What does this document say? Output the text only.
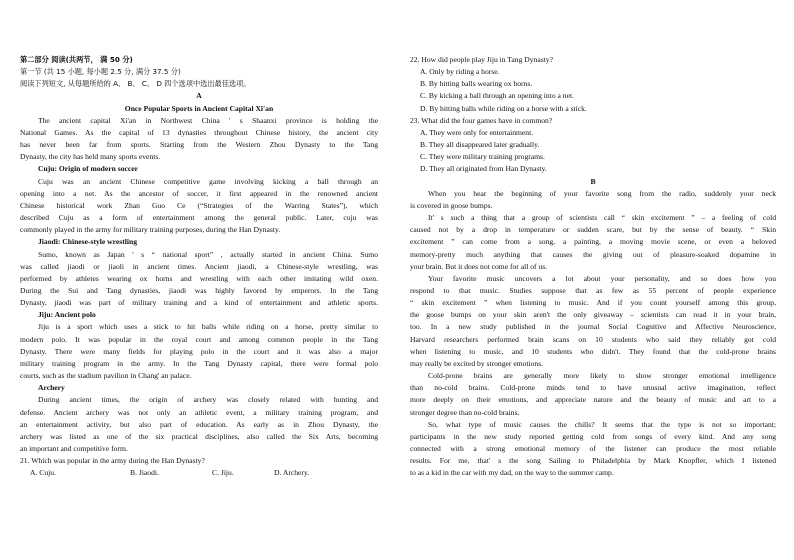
第二部分 阅读(共两节， 满 50 分)
第一节 (共 15 小题, 每小题 2.5 分, 满分 37.5 分)
阅读下列短文, 从每题所给的 A、 B、 C、 D 四个选项中选出最佳选项。
A
Once Popular Sports in Ancient Capital Xi'an
The ancient capital Xi'an in Northwest China ' s Shaanxi province is holding the
National Games. As the capital of 13 dynasties throughout Chinese history, the ancient city
has never been far from sports. Starting from the Western Zhou Dynasty to the Tang
Dynasty, the city has held many sports events.
Cuju: Origin of modern soccer
Cuju was an ancient Chinese competitive game involving kicking a ball through an
opening into a net. As the ancestor of soccer, it first appeared in the renowned ancient
Chinese historical work Zhan Guo Ce (“Strategies of the Warring States”), which
described Cuju as a form of entertainment among the general public. Later, cuju was
commonly played in the army for military training purposes, during the Han Dynasty.
Jiaodi: Chinese-style wrestling
Sumo, known as Japan ' s “ national sport” , actually started in ancient China. Sumo
was called jiaodi or jiaoli in ancient times. Ancient jiaodi, a Chinese-style wrestling, was
performed by athletes wearing ox horns and wrestling with each other imitating wild oxen.
During the Sui and Tang dynasties, jiaodi was highly favored by emperors. In the Tang
Dynasty, jiaodi was part of military training and a kind of entertainment and athletic sports.
Jiju: Ancient polo
Jiju is a sport which uses a stick to hit balls while riding on a horse, pretty similar to
modern polo. It was popular in the royal court and among common people in the Tang
Dynasty. There were many fields for playing polo in the court and it was also a major
military training program in the army. In the Tang Dynasty capital, there were formal polo
courts, such as the stadium pavilion in Chang' an palace.
Archery
During ancient times, the origin of archery was closely related with hunting and
defense. Ancient archery was not only an athletic event, a military training program, and
an entertainment activity, but also part of education. As early as in Zhou Dynasty, the
archery was listed as one of the six practical disciplines, also called the Six Arts, becoming
an important and competitive form.
21. Which was popular in the army during the Han Dynasty?
A. Cuju.	B. Jiaodi.	C. Jiju.	D. Archery.
22. How did people play Jiju in Tang Dynasty?
A. Only by riding a horse.
B. By hitting balls wearing ox horns.
C. By kicking a ball through an opening into a net.
D. By hitting balls while riding on a horse with a stick.
23. What did the four games have in common?
A. They were only for entertainment.
B. They all disappeared later gradually.
C. They were military training programs.
D. They all originated from Han Dynasty.
B
When you hear the beginning of your favorite song from the radio, suddenly your neck
is covered in goose bumps.
It' s such a thing that a group of scientists call “ skin excitement ” – a feeling of cold
caused not by a drop in temperature or sudden scare, but by the sense of beauty. “ Skin
excitement ” can come from a song, a painting, a moving movie scene, or even a beloved
memory-pretty much anything that causes the giving out of pleasure-soaked dopamine in
your brain. But it does not come for all of us.
Your favorite music uncovers a lot about your personality, and so does how you
respond to that music. Studies suppose that as few as 55 percent of people experience
“ skin excitement ” when listening to music. And if you count yourself among this group,
the goose bumps on your skin aren't the only giveaway – scientists can read it in your brain,
too. In a new study published in the journal Social Cognitive and Affective Neuroscience,
Harvard researchers performed brain scans on 10 students who said they reliably got cold
when listening to music, and 10 students who didn't. They found that the cold-prone brains
may really be excited by stronger emotions.
Cold-prone brains are generally more likely to show stronger emotional intelligence
than no-cold brains. Cold-prone minds tend to have unusual active imagination, reflect
more deeply on their emotions, and appreciate nature and the beauty of music and art to a
stronger degree than no-cold brains.
So, what type of music causes the chills? It seems that the type is not so important;
participants in the new study reported getting cold from songs of every kind. And any song
connected with a strong emotional memory of the listener can produce the most reliable
results. For me, that' s the song Sailing to Philadelphia by Mark Knopfler, which I listened
to as a kid in the car with my dad, on the way to the summer camp.
